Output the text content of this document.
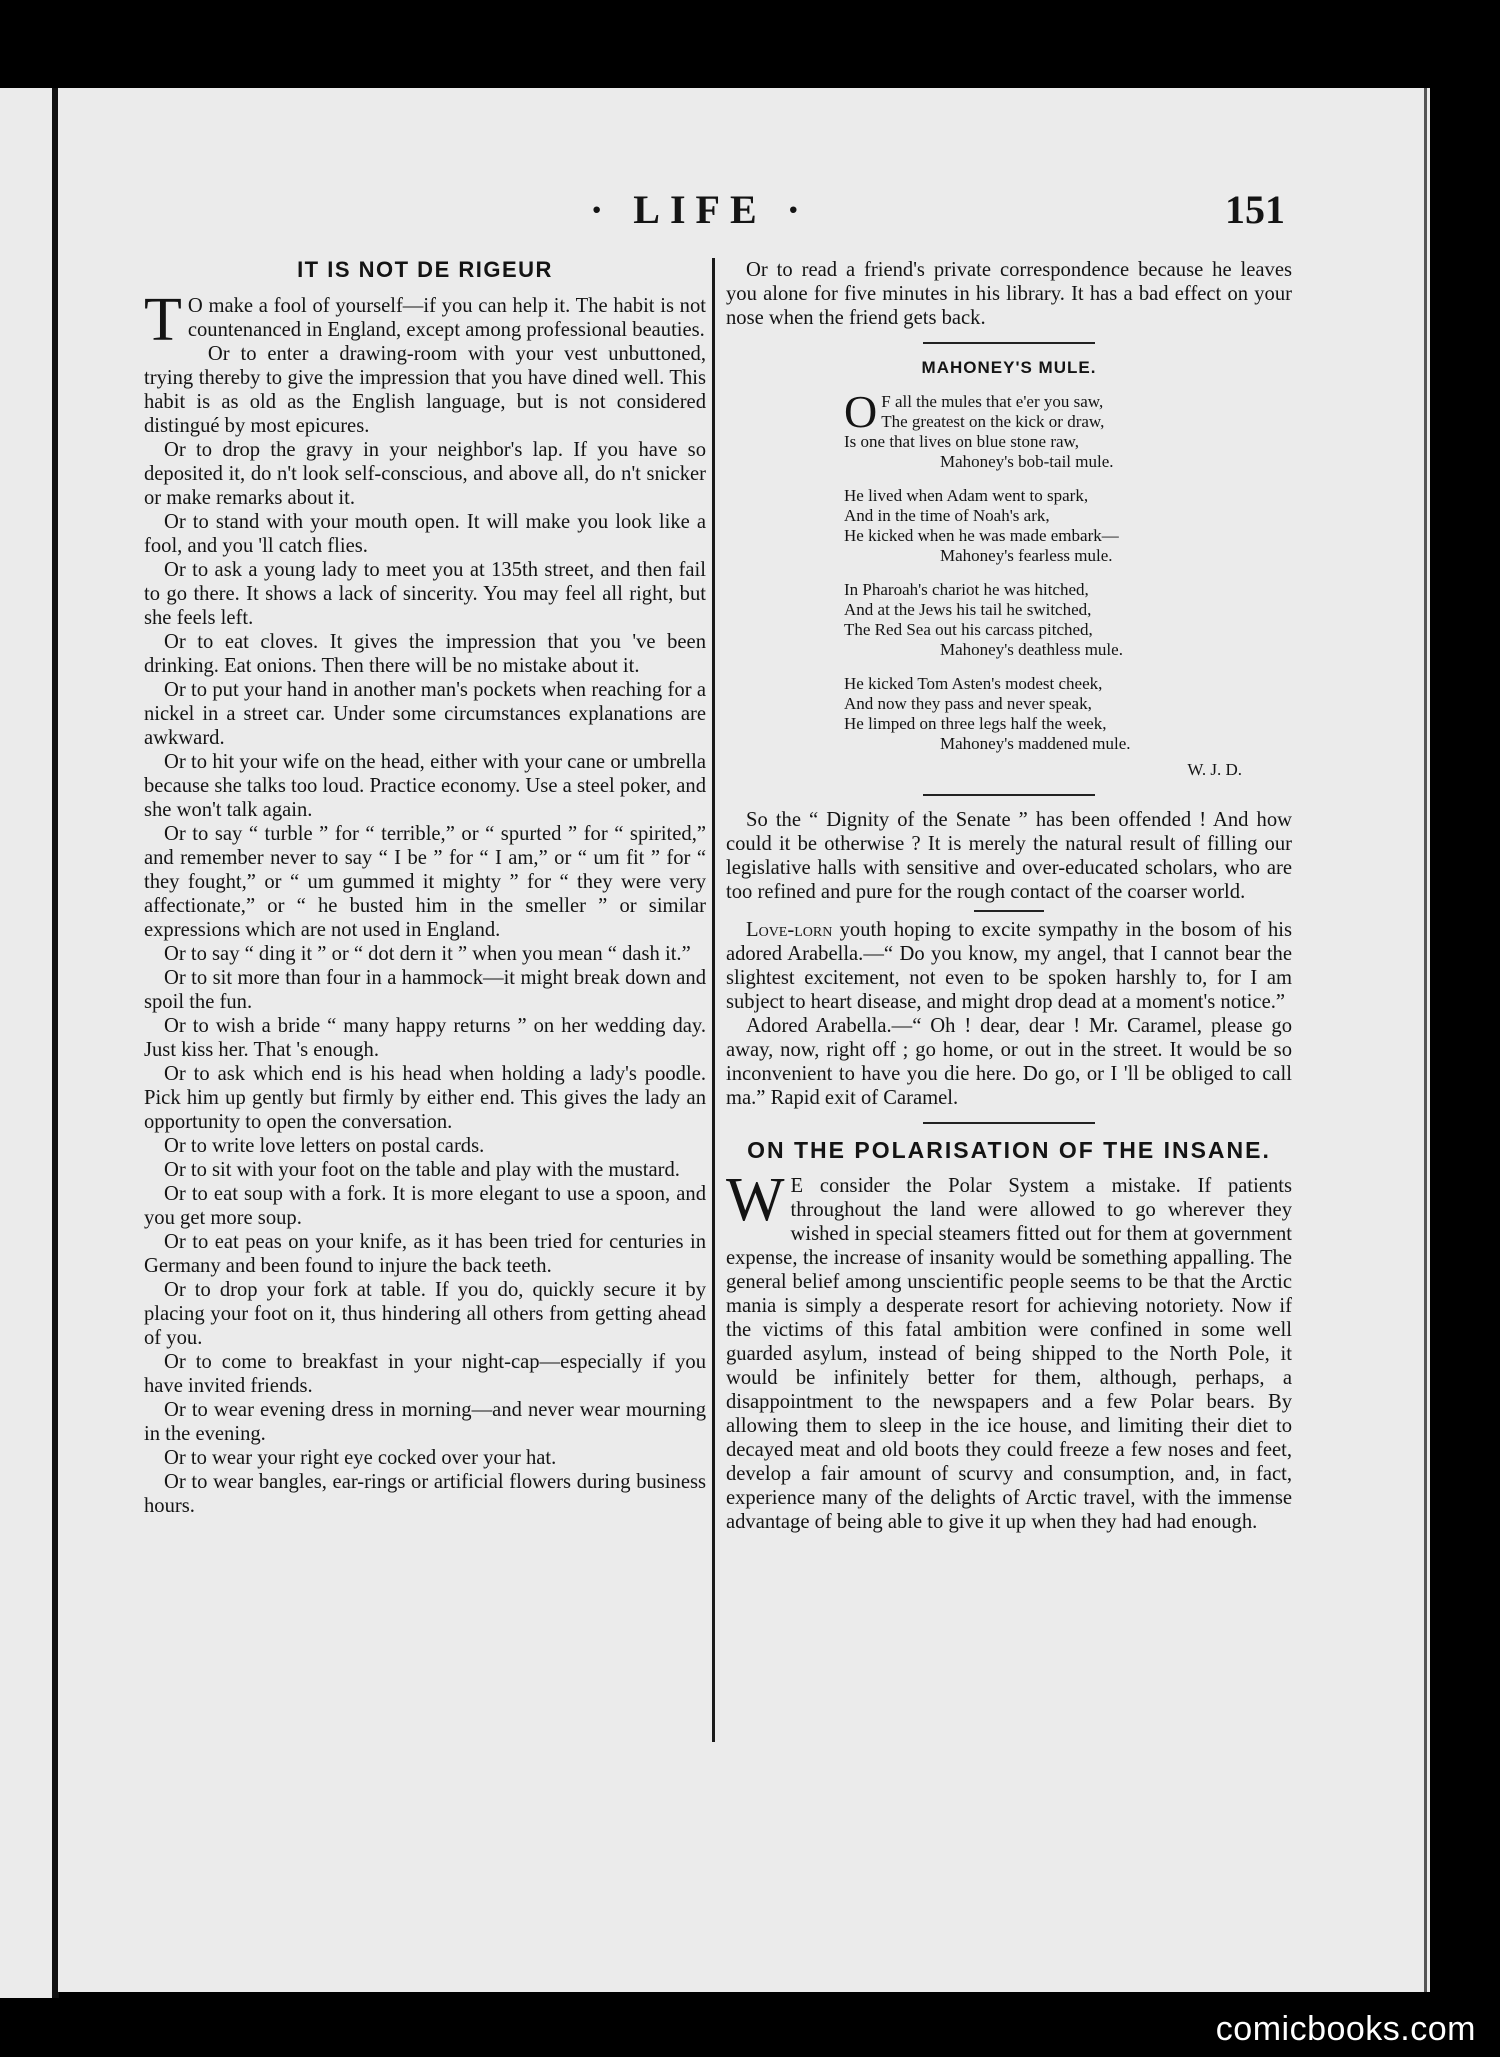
· LIFE ·	151
IT IS NOT DE RIGEUR

T O make a fool of yourself—if you can help it. The habit is not countenanced in England, except among professional beauties.

Or to enter a drawing-room with your vest unbuttoned, trying thereby to give the impression that you have dined well. This habit is as old as the English language, but is not considered distingué by most epicures.

Or to drop the gravy in your neighbor's lap. If you have so deposited it, do n't look self-conscious, and above all, do n't snicker or make remarks about it.

Or to stand with your mouth open. It will make you look like a fool, and you 'll catch flies.

Or to ask a young lady to meet you at 135th street, and then fail to go there. It shows a lack of sincerity. You may feel all right, but she feels left.

Or to eat cloves. It gives the impression that you 've been drinking. Eat onions. Then there will be no mistake about it.

Or to put your hand in another man's pockets when reaching for a nickel in a street car. Under some circumstances explanations are awkward.

Or to hit your wife on the head, either with your cane or umbrella because she talks too loud. Practice economy. Use a steel poker, and she won't talk again.

Or to say “ turble ” for “ terrible,” or “ spurted ” for “ spirited,” and remember never to say “ I be ” for “ I am,” or “ um fit ” for “ they fought,” or “ um gummed it mighty ” for “ they were very affectionate,” or “ he busted him in the smeller ” or similar expressions which are not used in England.

Or to say “ ding it ” or “ dot dern it ” when you mean “ dash it.”

Or to sit more than four in a hammock—it might break down and spoil the fun.

Or to wish a bride “ many happy returns ” on her wedding day. Just kiss her. That 's enough.

Or to ask which end is his head when holding a lady's poodle. Pick him up gently but firmly by either end. This gives the lady an opportunity to open the conversation.

Or to write love letters on postal cards.

Or to sit with your foot on the table and play with the mustard.

Or to eat soup with a fork. It is more elegant to use a spoon, and you get more soup.

Or to eat peas on your knife, as it has been tried for centuries in Germany and been found to injure the back teeth.

Or to drop your fork at table. If you do, quickly secure it by placing your foot on it, thus hindering all others from getting ahead of you.

Or to come to breakfast in your night-cap—especially if you have invited friends.

Or to wear evening dress in morning—and never wear mourning in the evening.

Or to wear your right eye cocked over your hat.

Or to wear bangles, ear-rings or artificial flowers during business hours.

Or to read a friend's private correspondence because he leaves you alone for five minutes in his library. It has a bad effect on your nose when the friend gets back.

MAHONEY'S MULE.
O F all the mules that e'er you saw,
The greatest on the kick or draw,
Is one that lives on blue stone raw,
Mahoney's bob-tail mule.
He lived when Adam went to spark,
And in the time of Noah's ark,
He kicked when he was made embark—
Mahoney's fearless mule.
In Pharoah's chariot he was hitched,
And at the Jews his tail he switched,
The Red Sea out his carcass pitched,
Mahoney's deathless mule.
He kicked Tom Asten's modest cheek,
And now they pass and never speak,
He limped on three legs half the week,
Mahoney's maddened mule.
W. J. D.

So the “ Dignity of the Senate ” has been offended ! And how could it be otherwise ? It is merely the natural result of filling our legislative halls with sensitive and over-educated scholars, who are too refined and pure for the rough contact of the coarser world.

Love-lorn youth hoping to excite sympathy in the bosom of his adored Arabella.—“ Do you know, my angel, that I cannot bear the slightest excitement, not even to be spoken harshly to, for I am subject to heart disease, and might drop dead at a moment's notice.”

Adored Arabella.—“ Oh ! dear, dear ! Mr. Caramel, please go away, now, right off ; go home, or out in the street. It would be so inconvenient to have you die here. Do go, or I 'll be obliged to call ma.” Rapid exit of Caramel.

ON THE POLARISATION OF THE INSANE.

W E consider the Polar System a mistake. If patients throughout the land were allowed to go wherever they wished in special steamers fitted out for them at government expense, the increase of insanity would be something appalling. The general belief among unscientific people seems to be that the Arctic mania is simply a desperate resort for achieving notoriety. Now if the victims of this fatal ambition were confined in some well guarded asylum, instead of being shipped to the North Pole, it would be infinitely better for them, although, perhaps, a disappointment to the newspapers and a few Polar bears. By allowing them to sleep in the ice house, and limiting their diet to decayed meat and old boots they could freeze a few noses and feet, develop a fair amount of scurvy and consumption, and, in fact, experience many of the delights of Arctic travel, with the immense advantage of being able to give it up when they had had enough.

comicbooks.com
